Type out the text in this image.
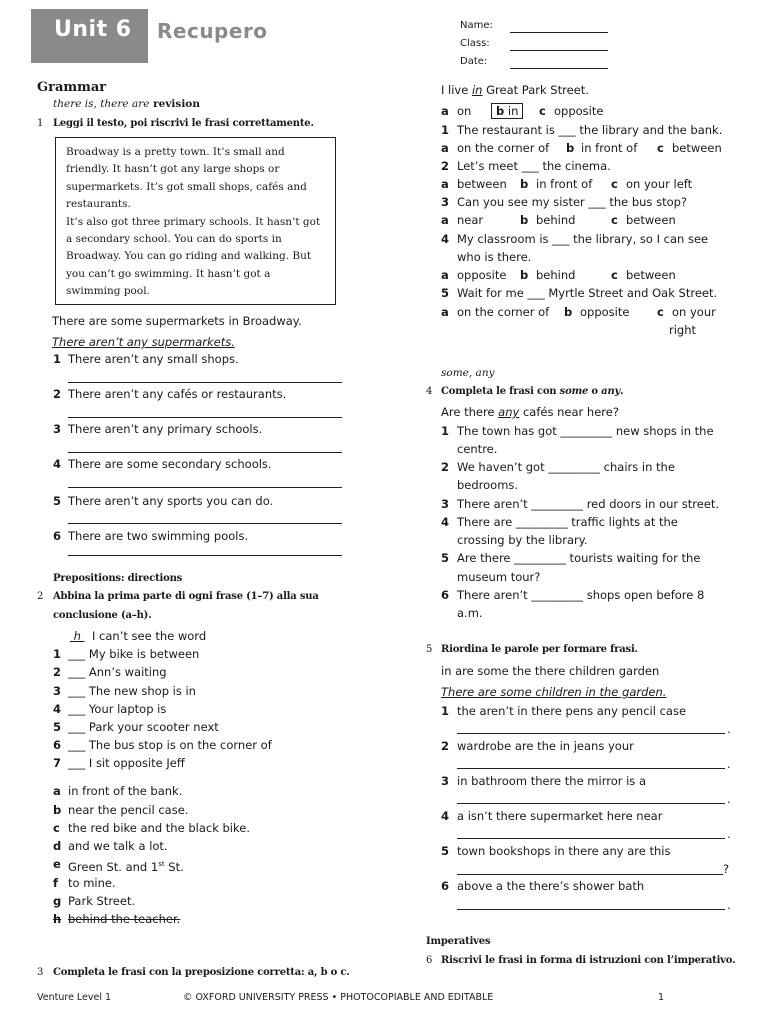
Unit 6 Recupero	Name:
Class:
Date:
Grammar
there is, there are revision
1 Leggi il testo, poi riscrivi le frasi correttamente.

Broadway is a pretty town. It’s small and

friendly. It hasn’t got any large shops or

supermarkets. It’s got small shops, cafés and

restaurants.

It’s also got three primary schools. It hasn’t got

a secondary school. You can do sports in

Broadway. You can go riding and walking. But

you can’t go swimming. It hasn’t got a

swimming pool.

There are some supermarkets in Broadway.
There aren’t any supermarkets.
1 There aren’t any small shops.
2 There aren’t any cafés or restaurants.
3 There aren’t any primary schools.
4 There are some secondary schools.
5 There aren’t any sports you can do.
6 There are two swimming pools.
Prepositions: directions
2 Abbina la prima parte di ogni frase (1–7) alla sua
conclusione (a–h).
h I can’t see the word
1 ___ My bike is between
2 ___ Ann’s waiting
3 ___ The new shop is in
4 ___ Your laptop is
5 ___ Park your scooter next
6 ___ The bus stop is on the corner of
7 ___ I sit opposite Jeff
a in front of the bank.
b near the pencil case.
c the red bike and the black bike.
d and we talk a lot.
e Green St. and 1st St.
f to mine.
g Park Street.
h behind the teacher.
3 Completa le frasi con la preposizione corretta: a, b o c.
I live in Great Park Street.
a on	b in	c opposite
1 The restaurant is ___ the library and the bank.
a on the corner of b in front of c between
2 Let’s meet ___ the cinema.
a between b in front of c on your left
3 Can you see my sister ___ the bus stop?
a near	b behind	c between
4 My classroom is ___ the library, so I can see
who is there.
a opposite b behind	c between
5 Wait for me ___ Myrtle Street and Oak Street.
a on the corner of b opposite c on your
right
some, any
4 Completa le frasi con some o any.
Are there any cafés near here?
1 The town has got _________ new shops in the
centre.
2 We haven’t got _________ chairs in the
bedrooms.
3 There aren’t _________ red doors in our street.
4 There are _________ traffic lights at the
crossing by the library.
5 Are there _________ tourists waiting for the
museum tour?
6 There aren’t _________ shops open before 8
a.m.
5 Riordina le parole per formare frasi.
in are some the there children garden
There are some children in the garden.
1 the aren’t in there pens any pencil case
.
2 wardrobe are the in jeans your
.
3 in bathroom there the mirror is a
.
4 a isn’t there supermarket here near
.
5 town bookshops in there any are this
?
6 above a the there’s shower bath
.
Imperatives
6 Riscrivi le frasi in forma di istruzioni con l’imperativo.
Venture Level 1	© OXFORD UNIVERSITY PRESS • PHOTOCOPIABLE AND EDITABLE	1
